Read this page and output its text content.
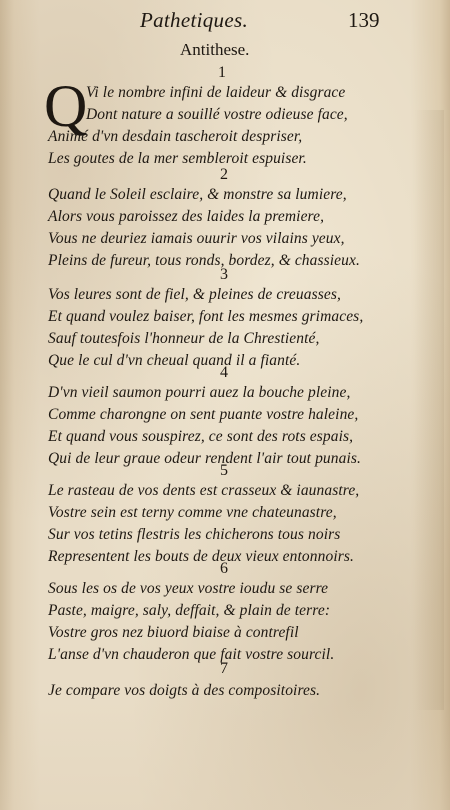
Pathetiques.	139
Antithese.
1
Q
Vi le nombre infini de laideur & disgrace
Dont nature a souillé vostre odieuse face,
Animé d'vn desdain tascheroit despriser,
Les goutes de la mer sembleroit espuiser.
2
Quand le Soleil esclaire, & monstre sa lumiere,
Alors vous paroissez des laides la premiere,
Vous ne deuriez iamais ouurir vos vilains yeux,
Pleins de fureur, tous ronds, bordez, & chassieux.
3
Vos leures sont de fiel, & pleines de creuasses,
Et quand voulez baiser, font les mesmes grimaces,
Sauf toutesfois l'honneur de la Chrestienté,
Que le cul d'vn cheual quand il a fianté.
4
D'vn vieil saumon pourri auez la bouche pleine,
Comme charongne on sent puante vostre haleine,
Et quand vous souspirez, ce sont des rots espais,
Qui de leur graue odeur rendent l'air tout punais.
5
Le rasteau de vos dents est crasseux & iaunastre,
Vostre sein est terny comme vne chateunastre,
Sur vos tetins flestris les chicherons tous noirs
Representent les bouts de deux vieux entonnoirs.
6
Sous les os de vos yeux vostre ioudu se serre
Paste, maigre, saly, deffait, & plain de terre:
Vostre gros nez biuord biaise à contrefil
L'anse d'vn chauderon que fait vostre sourcil.
7
Je compare vos doigts à des compositoires.
